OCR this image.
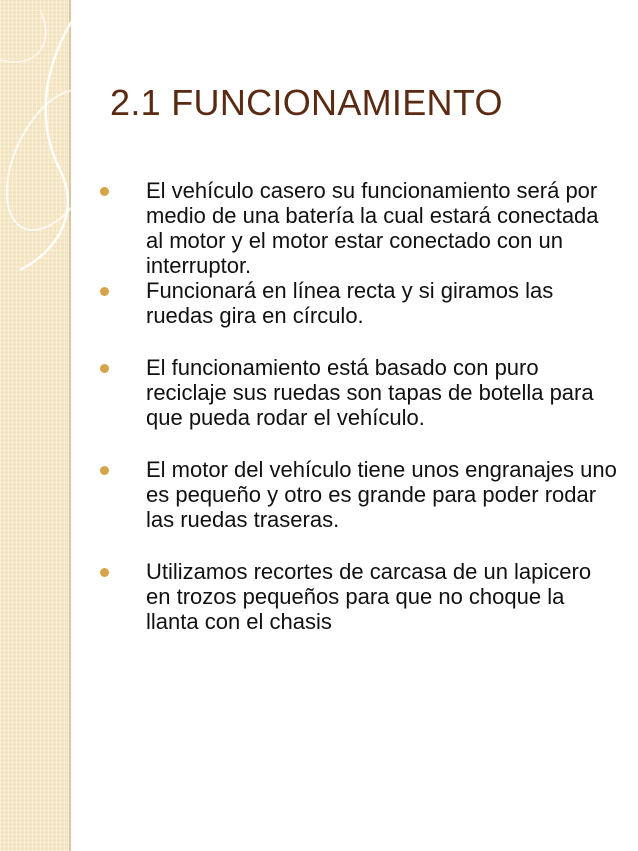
2.1 FUNCIONAMIENTO
El vehículo casero su funcionamiento será por medio de una batería la cual estará conectada al motor y el motor estar conectado con un interruptor.
Funcionará en línea recta y si giramos las ruedas gira en círculo.
El funcionamiento está basado con puro reciclaje sus ruedas son tapas de botella para que pueda rodar el vehículo.
El motor del vehículo tiene unos engranajes uno es pequeño y otro es grande para poder rodar las ruedas traseras.
Utilizamos recortes de carcasa de un lapicero en trozos pequeños para que no choque la llanta con el chasis
